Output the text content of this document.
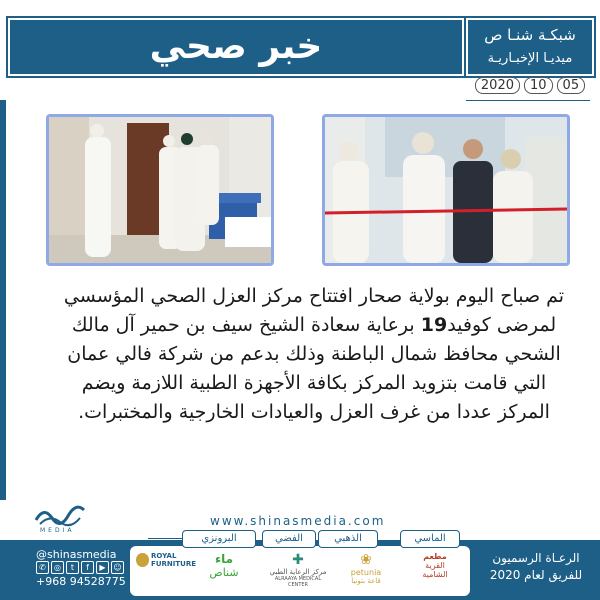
خبر صحي	شبكـة شنـا ص
ميديـا الإخبـاريـة
2020 10 05
تم صباح اليوم بولاية صحار افتتاح مركز العزل الصحي المؤسسي لمرضى كوفيد19 برعاية سعادة الشيخ سيف بن حمير آل مالك الشحي محافظ شمال الباطنة وذلك بدعم من شركة فالي عمان التي قامت بتزويد المركز بكافة الأجهزة الطبية اللازمة ويضم المركز عددا من غرف العزل والعيادات الخارجية والمختبرات.
MEDIA
www.shinasmedia.com
@shinasmedia
✆	◎	t	f	▶ ☺
+968 94528775
الماسي
الذهبي
الفضي
البرونزي
مطعم
القرية
الشامية
❀
petunia
قاعة بتونيا
✚
مركز الرعاية الطبي
ALRAAYA MEDICAL CENTER
ماء
شناص
ROYAL
FURNITURE	الرعـاة الرسميون
للفريق لعام 2020
